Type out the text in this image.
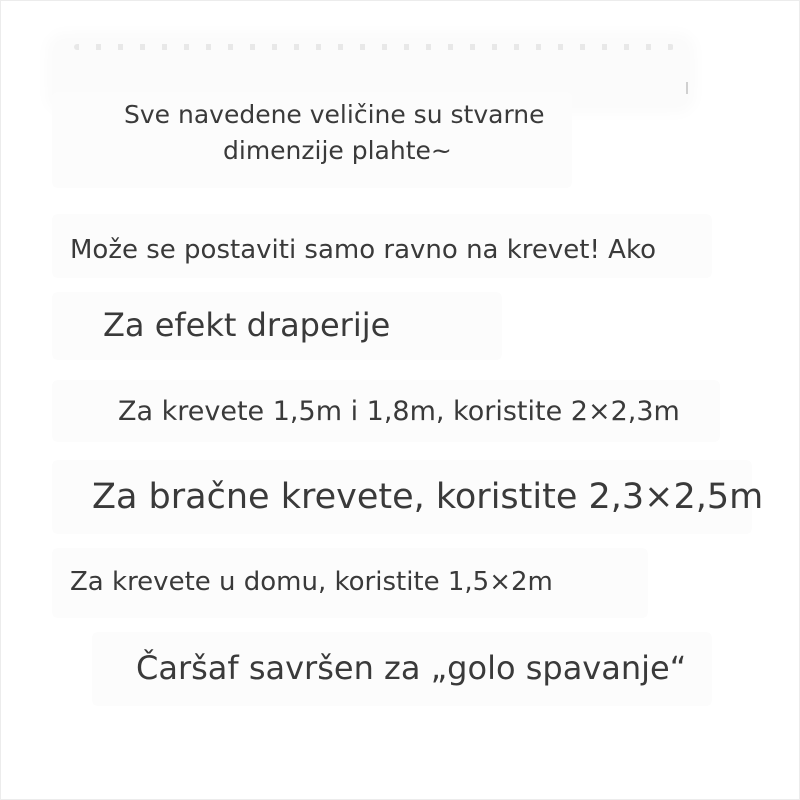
Sve navedene veličine su stvarne

dimenzije plahte~

Može se postaviti samo ravno na krevet! Ako

Za efekt draperije

Za krevete 1,5m i 1,8m, koristite 2×2,3m

Za bračne krevete, koristite 2,3×2,5m

Za krevete u domu, koristite 1,5×2m

Čaršaf savršen za „golo spavanje“
